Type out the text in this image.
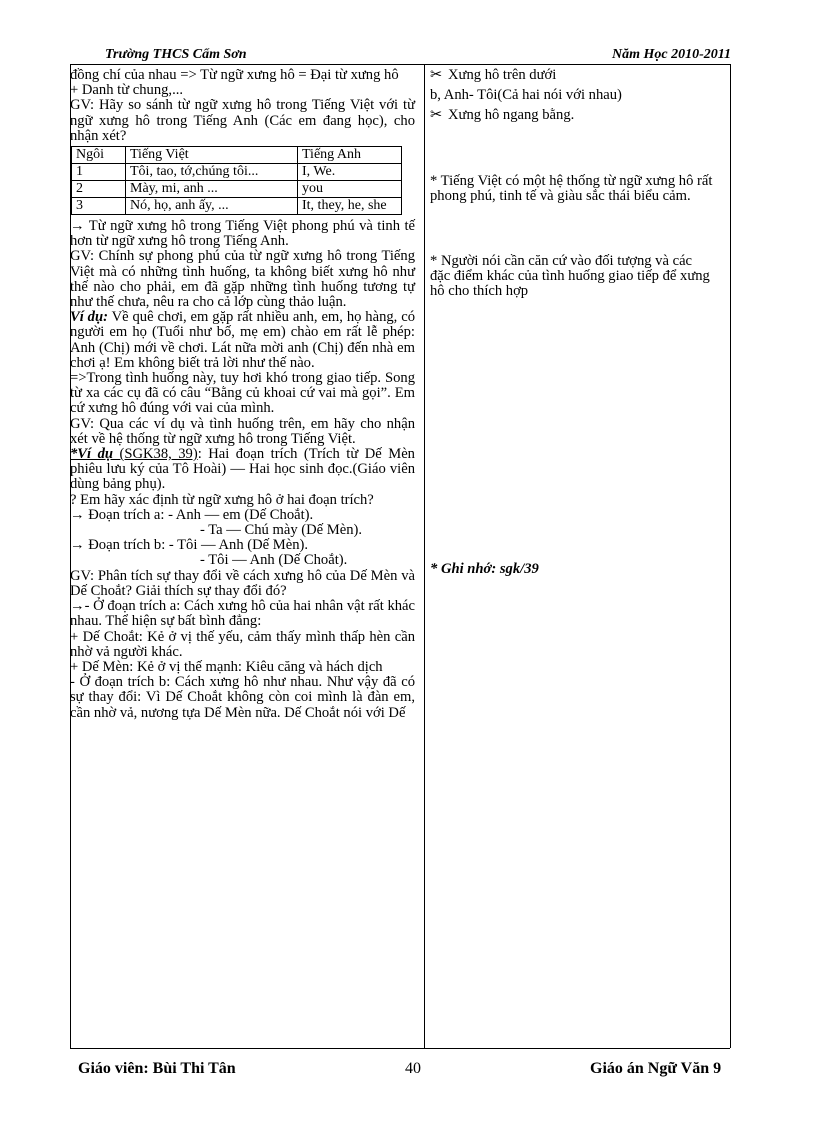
Trường THCS Cẩm Sơn	Năm Học 2010-2011

đồng chí của nhau => Từ ngữ xưng hô = Đại từ xưng hô

+ Danh từ chung,...

GV: Hãy so sánh từ ngữ xưng hô trong Tiếng Việt với từ ngữ xưng hô trong Tiếng Anh (Các em đang học), cho nhận xét?

Ngôi	Tiếng Việt	Tiếng Anh
1	Tôi, tao, tớ,chúng tôi...	I, We.
2	Mày, mi, anh ...	you
3	Nó, họ, anh ấy, ...	It, they, he, she

→ Từ ngữ xưng hô trong Tiếng Việt phong phú và tinh tế hơn từ ngữ xưng hô trong Tiếng Anh.

GV: Chính sự phong phú của từ ngữ xưng hô trong Tiếng Việt mà có những tình huống, ta không biết xưng hô như thế nào cho phải, em đã gặp những tình huống tương tự như thế chưa, nêu ra cho cả lớp cùng thảo luận.

Ví dụ: Về quê chơi, em gặp rất nhiều anh, em, họ hàng, có người em họ (Tuổi như bố, mẹ em) chào em rất lễ phép: Anh (Chị) mới về chơi. Lát nữa mời anh (Chị) đến nhà em chơi ạ! Em không biết trả lời như thế nào.

=>Trong tình huống này, tuy hơi khó trong giao tiếp. Song từ xa các cụ đã có câu “Bằng củ khoai cứ vai mà gọi”. Em cứ xưng hô đúng với vai của mình.

GV: Qua các ví dụ và tình huống trên, em hãy cho nhận xét về hệ thống từ ngữ xưng hô trong Tiếng Việt.

*Ví dụ (SGK38, 39): Hai đoạn trích (Trích từ Dế Mèn phiêu lưu ký của Tô Hoài) — Hai học sinh đọc.(Giáo viên dùng bảng phụ).

? Em hãy xác định từ ngữ xưng hô ở hai đoạn trích?

→ Đoạn trích a: - Anh — em (Dế Choắt).

- Ta — Chú mày (Dế Mèn).

→ Đoạn trích b: - Tôi — Anh (Dế Mèn).

- Tôi — Anh (Dế Choắt).

GV: Phân tích sự thay đổi về cách xưng hô của Dế Mèn và Dế Choắt? Giải thích sự thay đổi đó?

→- Ở đoạn trích a: Cách xưng hô của hai nhân vật rất khác nhau. Thể hiện sự bất bình đẳng:

+ Dế Choắt: Kẻ ở vị thế yếu, cảm thấy mình thấp hèn cần nhờ vả người khác.

+ Dế Mèn: Kẻ ở vị thế mạnh: Kiêu căng và hách dịch

- Ở đoạn trích b: Cách xưng hô như nhau. Như vậy đã có sự thay đổi: Vì Dế Choắt không còn coi mình là đàn em, cần nhờ vả, nương tựa Dế Mèn nữa. Dế Choắt nói với Dế

✂ Xưng hô trên dưới

b, Anh- Tôi(Cả hai nói với nhau)

✂ Xưng hô ngang bằng.

* Tiếng Việt có một hệ thống từ ngữ xưng hô rất phong phú, tinh tế và giàu sắc thái biểu cảm.

* Người nói cần căn cứ vào đối tượng và các đặc điểm khác của tình huống giao tiếp để xưng hô cho thích hợp

* Ghi nhớ: sgk/39

Giáo viên: Bùi Thi Tân	40	Giáo án Ngữ Văn 9
